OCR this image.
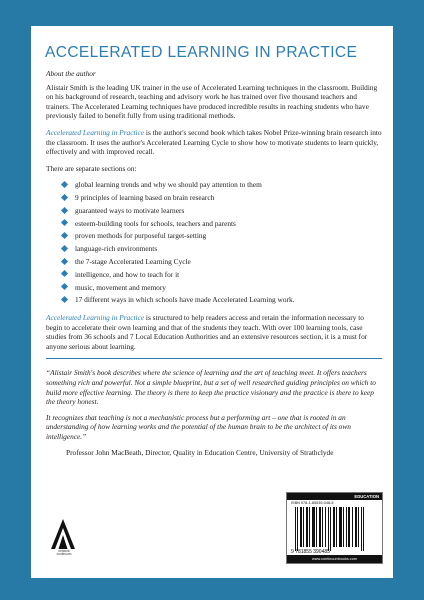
ACCELERATED LEARNING IN PRACTICE

About the author

Alistair Smith is the leading UK trainer in the use of Accelerated Learning techniques in the classroom. Building on his background of research, teaching and advisory work he has trained over five thousand teachers and trainers. The Accelerated Learning techniques have produced incredible results in reaching students who have previously failed to benefit fully from using traditional methods.

Accelerated Learning in Practice is the author's second book which takes Nobel Prize-winning brain research into the classroom. It uses the author's Accelerated Learning Cycle to show how to motivate students to learn quickly, effectively and with improved recall.

There are separate sections on:

global learning trends and why we should pay attention to them
9 principles of learning based on brain research
guaranteed ways to motivate learners
esteem-building tools for schools, teachers and parents
proven methods for purposeful target-setting
language-rich environments
the 7-stage Accelerated Learning Cycle
intelligence, and how to teach for it
music, movement and memory
17 different ways in which schools have made Accelerated Learning work.

Accelerated Learning in Practice is structured to help readers access and retain the information necessary to begin to accelerate their own learning and that of the students they teach. With over 100 learning tools, case studies from 36 schools and 7 Local Education Authorities and an extensive resources section, it is a must for anyone serious about learning.

“Alistair Smith's book describes where the science of learning and the art of teaching meet. It offers teachers something rich and powerful. Not a simple blueprint, but a set of well researched guiding principles on which to build more effective learning. The theory is there to keep the practice visionary and the practice is there to keep the theory honest.

It recognizes that teaching is not a mechanistic process but a performing art – one that is rooted in an understanding of how learning works and the potential of the human brain to be the architect of its own intelligence.”

Professor John MacBeath, Director, Quality in Education Centre, University of Strathclyde
network
continuum
EDUCATION
ISBN 978-1-85539-048-5
9 781855 390485
www.continuumbooks.com
